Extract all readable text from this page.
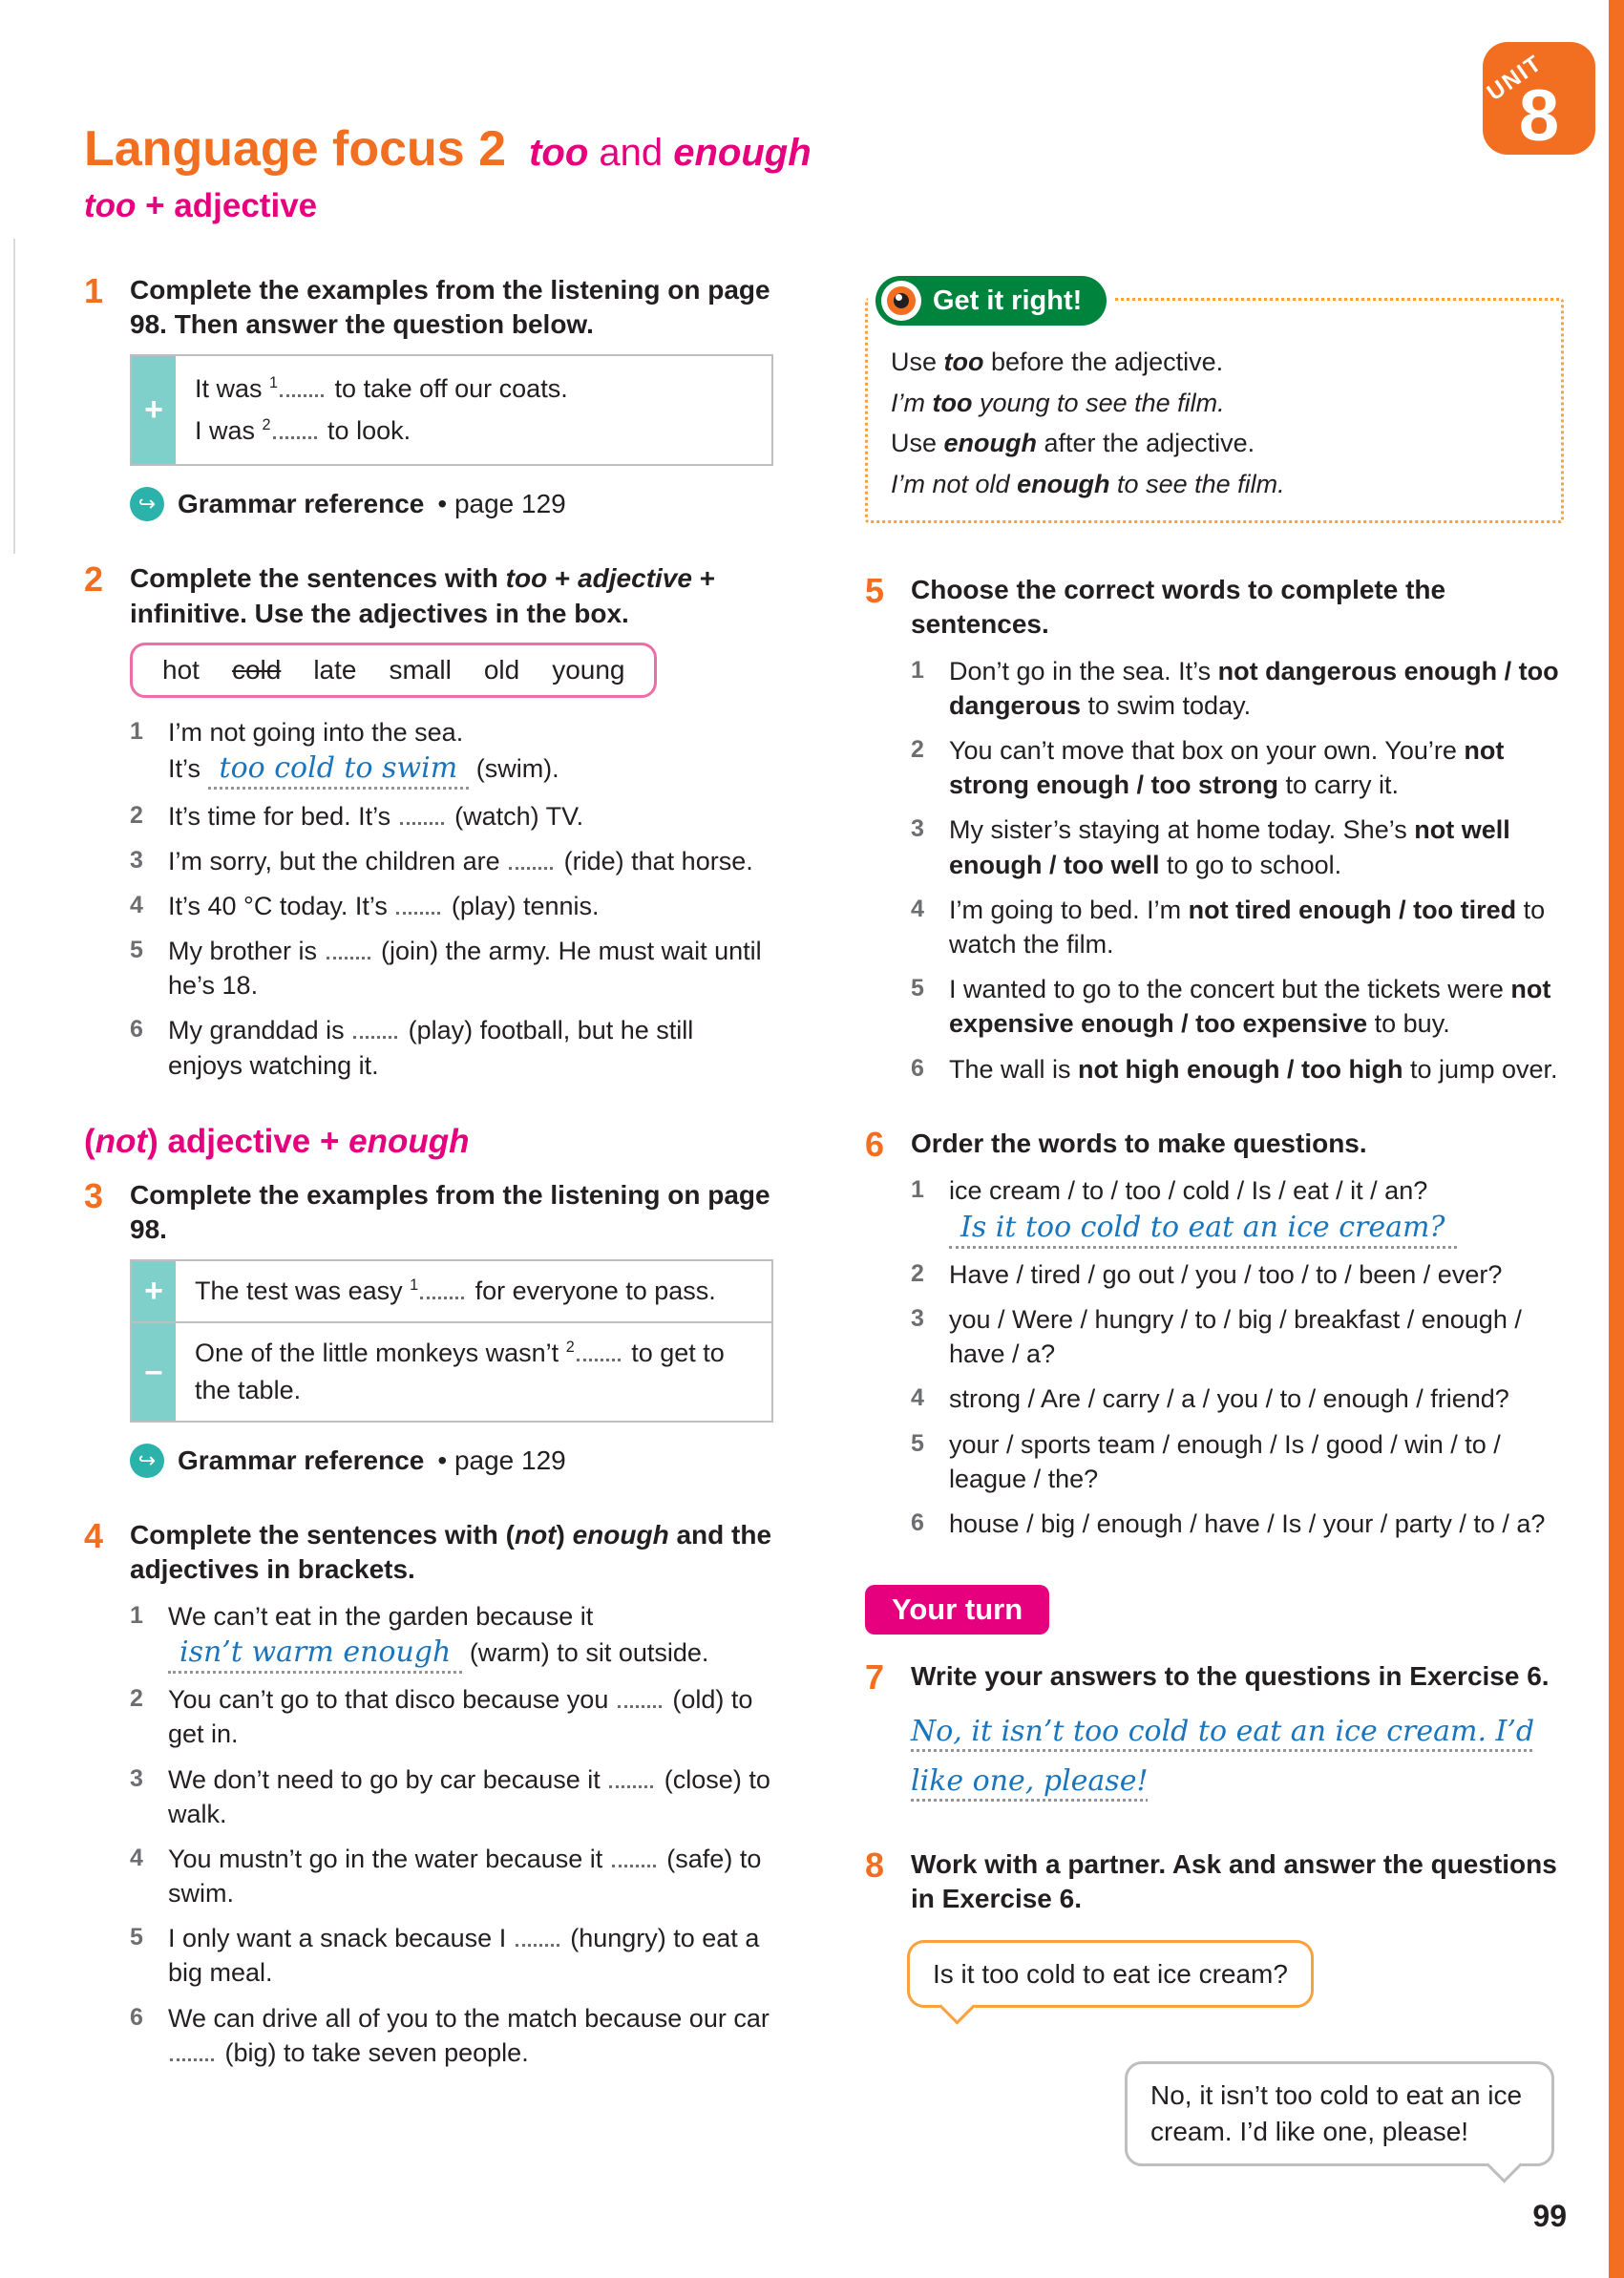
UNIT
8
Language focus 2 too and enough
too + adjective
1 Complete the examples from the listening on page 98. Then answer the question below.

+
It was $^1$ to take off our coats.
I was $^2$ to look.
↪ Grammar reference • page 129
2 Complete the sentences with too + adjective + infinitive. Use the adjectives in the box.

hot cold late small old young
1 I’m not going into the sea.
It’s too cold to swim (swim).
2 It’s time for bed. It’s  (watch) TV.
3 I’m sorry, but the children are  (ride) that horse.
4 It’s 40 °C today. It’s  (play) tennis.
5 My brother is  (join) the army. He must wait until he’s 18.
6 My granddad is  (play) football, but he still enjoys watching it.
(not) adjective + enough
3 Complete the examples from the listening on page 98.

+	The test was easy $^1$ for everyone to pass.
–
One of the little monkeys wasn’t $^2$ to get to the table.
↪ Grammar reference • page 129
4 Complete the sentences with (not) enough and the adjectives in brackets.

1 We can’t eat in the garden because it
isn’t warm enough (warm) to sit outside.
2 You can’t go to that disco because you  (old) to get in.
3 We don’t need to go by car because it  (close) to walk.
4 You mustn’t go in the water because it  (safe) to swim.
5 I only want a snack because I  (hungry) to eat a big meal.
6 We can drive all of you to the match because our car  (big) to take seven people.
Get it right!
Use too before the adjective.
I’m too young to see the film.
Use enough after the adjective.
I’m not old enough to see the film.
5 Choose the correct words to complete the sentences.

1 Don’t go in the sea. It’s not dangerous enough / too dangerous to swim today.
2 You can’t move that box on your own. You’re not strong enough / too strong to carry it.
3 My sister’s staying at home today. She’s not well enough / too well to go to school.
4 I’m going to bed. I’m not tired enough / too tired to watch the film.
5 I wanted to go to the concert but the tickets were not expensive enough / too expensive to buy.
6 The wall is not high enough / too high to jump over.
6 Order the words to make questions.

1 ice cream / to / too / cold / Is / eat / it / an?
Is it too cold to eat an ice cream?
2 Have / tired / go out / you / too / to / been / ever?
3 you / Were / hungry / to / big / breakfast / enough / have / a?
4 strong / Are / carry / a / you / to / enough / friend?
5 your / sports team / enough / Is / good / win / to / league / the?
6 house / big / enough / have / Is / your / party / to / a?
Your turn
7 Write your answers to the questions in Exercise 6.

No, it isn’t too cold to eat an ice cream. I’d like one, please!
8 Work with a partner. Ask and answer the questions in Exercise 6.

Is it too cold to eat ice cream?
No, it isn’t too cold to eat an ice cream. I’d like one, please!
99
